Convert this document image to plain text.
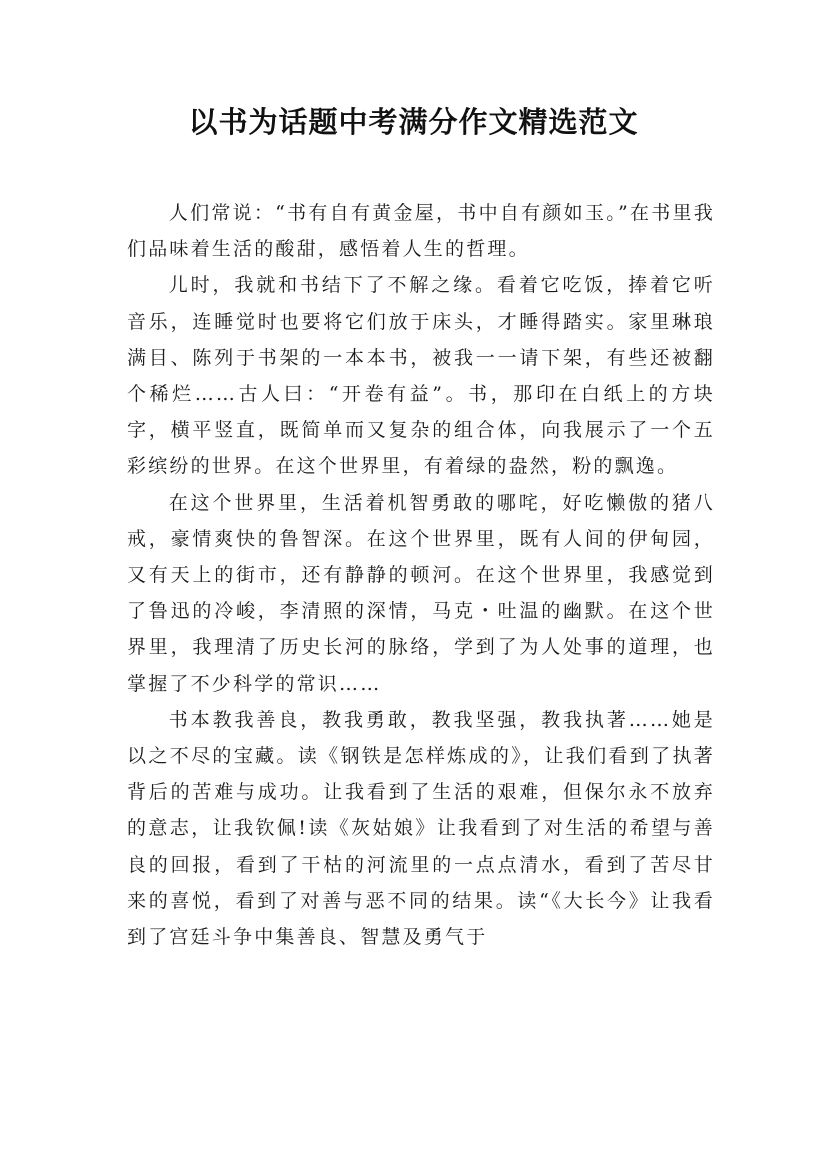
以书为话题中考满分作文精选范文

人们常说：“书有自有黄金屋，书中自有颜如玉。”在书里我们品味着生活的酸甜，感悟着人生的哲理。

儿时，我就和书结下了不解之缘。看着它吃饭，捧着它听音乐，连睡觉时也要将它们放于床头，才睡得踏实。家里琳琅满目、陈列于书架的一本本书，被我一一请下架，有些还被翻个稀烂……古人曰：“开卷有益”。书，那印在白纸上的方块字，横平竖直，既简单而又复杂的组合体，向我展示了一个五彩缤纷的世界。在这个世界里，有着绿的盎然，粉的飘逸。

在这个世界里，生活着机智勇敢的哪咤，好吃懒傲的猪八戒，豪情爽快的鲁智深。在这个世界里，既有人间的伊甸园，又有天上的街市，还有静静的顿河。在这个世界里，我感觉到了鲁迅的冷峻，李清照的深情，马克・吐温的幽默。在这个世界里，我理清了历史长河的脉络，学到了为人处事的道理，也掌握了不少科学的常识……

书本教我善良，教我勇敢，教我坚强，教我执著……她是以之不尽的宝藏。读《钢铁是怎样炼成的》，让我们看到了执著背后的苦难与成功。让我看到了生活的艰难，但保尔永不放弃的意志，让我钦佩!读《灰姑娘》让我看到了对生活的希望与善良的回报，看到了干枯的河流里的一点点清水，看到了苦尽甘来的喜悦，看到了对善与恶不同的结果。读“《大长今》让我看到了宫廷斗争中集善良、智慧及勇气于
